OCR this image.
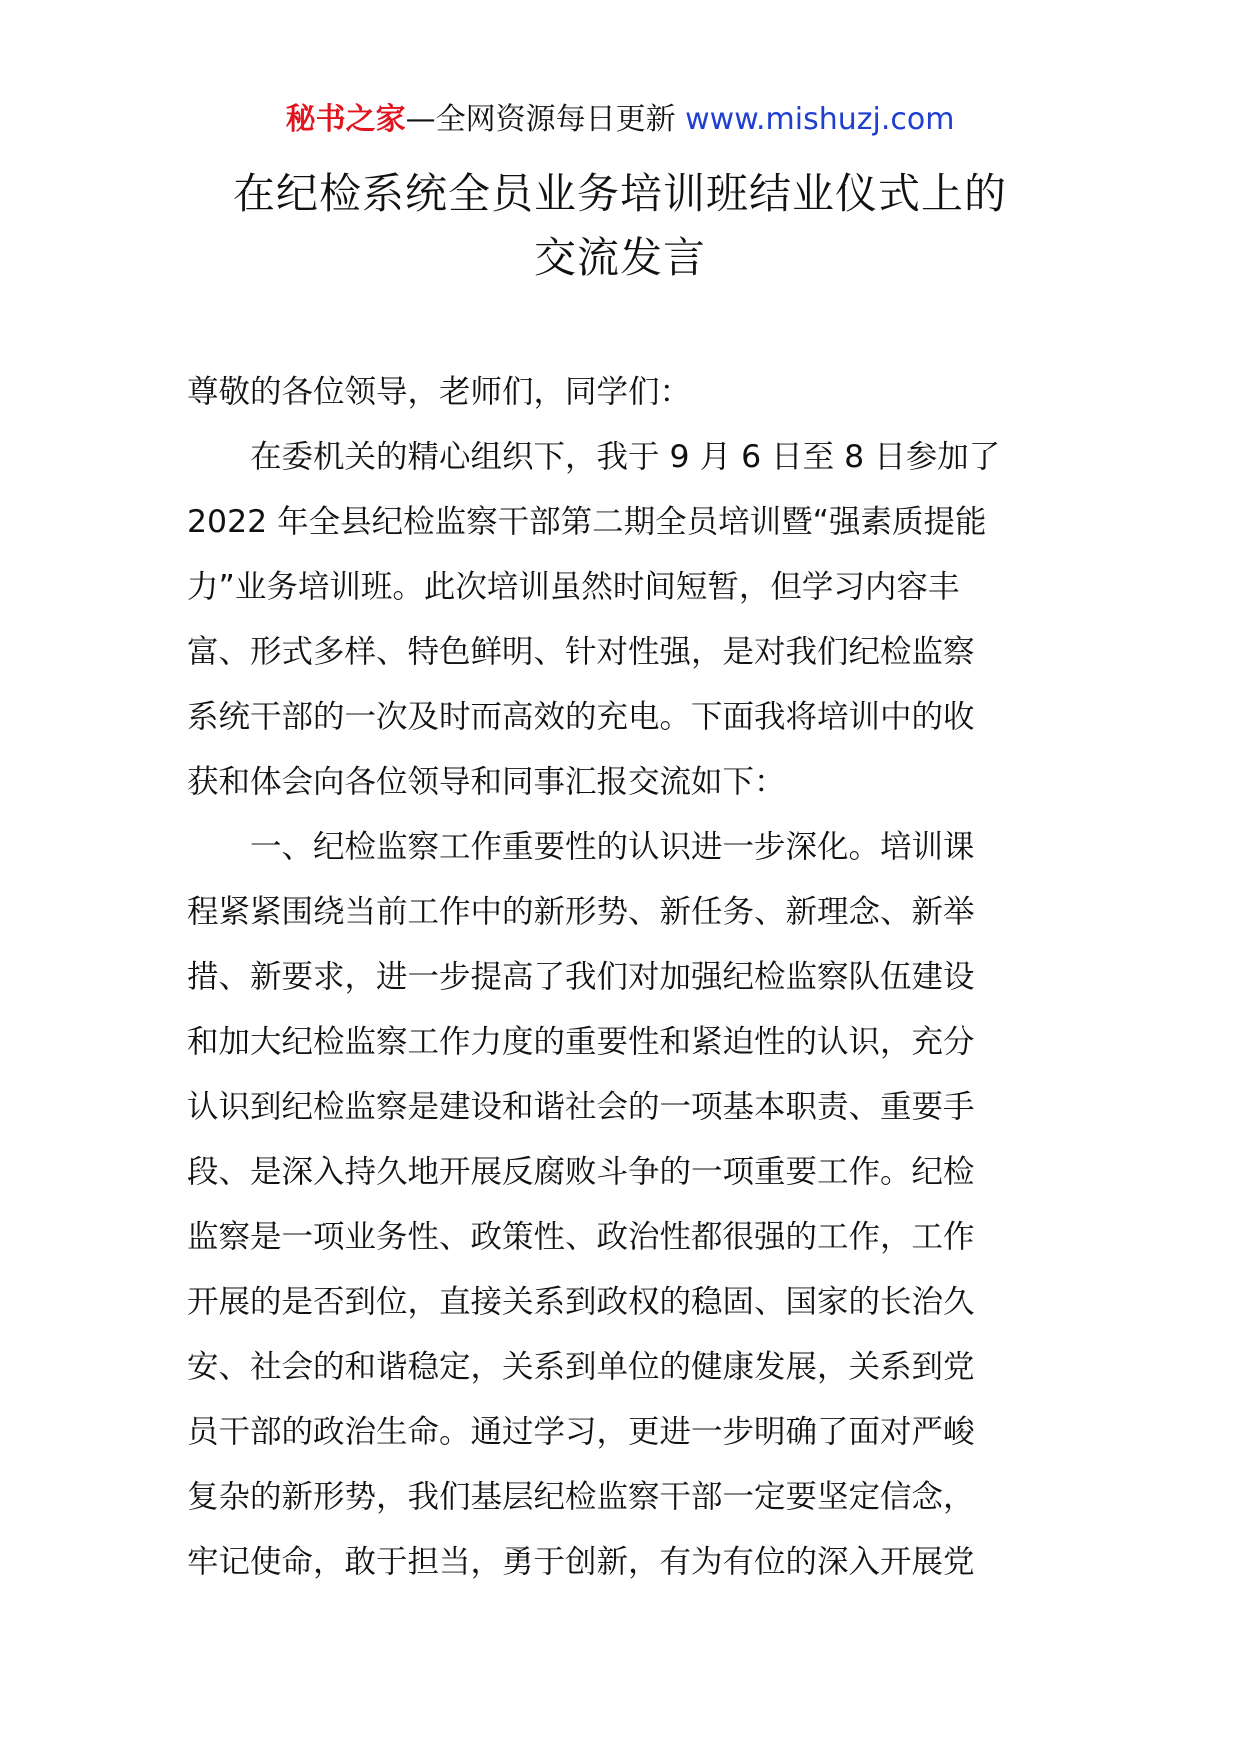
秘书之家—全网资源每日更新 www.mishuzj.com
在纪检系统全员业务培训班结业仪式上的
交流发言
尊敬的各位领导，老师们，同学们：
　　在委机关的精心组织下，我于 9 月 6 日至 8 日参加了
2022 年全县纪检监察干部第二期全员培训暨“强素质提能
力”业务培训班。此次培训虽然时间短暂，但学习内容丰
富、形式多样、特色鲜明、针对性强，是对我们纪检监察
系统干部的一次及时而高效的充电。下面我将培训中的收
获和体会向各位领导和同事汇报交流如下：
　　一、纪检监察工作重要性的认识进一步深化。培训课
程紧紧围绕当前工作中的新形势、新任务、新理念、新举
措、新要求，进一步提高了我们对加强纪检监察队伍建设
和加大纪检监察工作力度的重要性和紧迫性的认识，充分
认识到纪检监察是建设和谐社会的一项基本职责、重要手
段、是深入持久地开展反腐败斗争的一项重要工作。纪检
监察是一项业务性、政策性、政治性都很强的工作，工作
开展的是否到位，直接关系到政权的稳固、国家的长治久
安、社会的和谐稳定，关系到单位的健康发展，关系到党
员干部的政治生命。通过学习，更进一步明确了面对严峻
复杂的新形势，我们基层纪检监察干部一定要坚定信念，
牢记使命，敢于担当，勇于创新，有为有位的深入开展党
